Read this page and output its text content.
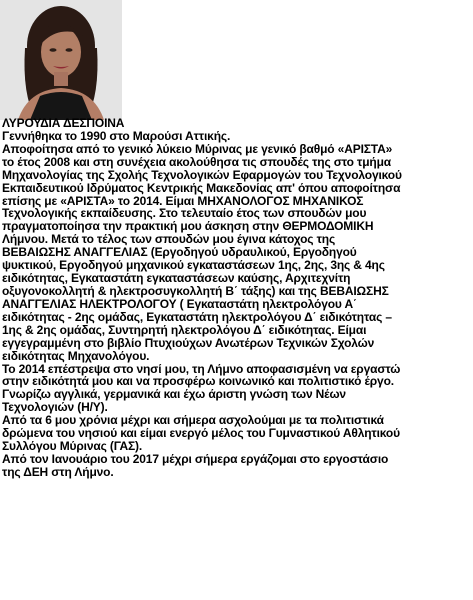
ΛΥΡΟΥΔΙΑ ΔΕΣΠΟΙΝΑ
Γεννήθηκα το 1990 στο Μαρούσι Αττικής.
Αποφοίτησα από το γενικό λύκειο Μύρινας με γενικό βαθμό «ΑΡΙΣΤΑ»
το έτος 2008 και στη συνέχεια ακολούθησα τις σπουδές της στο τμήμα
Μηχανολογίας της Σχολής Τεχνολογικών Εφαρμογών του Τεχνολογικού
Εκπαιδευτικού Ιδρύματος Κεντρικής Μακεδονίας απ' όπου αποφοίτησα
επίσης με «ΑΡΙΣΤΑ» το 2014. Είμαι ΜΗΧΑΝΟΛΟΓΟΣ ΜΗΧΑΝΙΚΟΣ
Τεχνολογικής εκπαίδευσης. Στο τελευταίο έτος των σπουδών μου
πραγματοποίησα την πρακτική μου άσκηση στην ΘΕΡΜΟΔΟΜΙΚΗ
Λήμνου. Μετά το τέλος των σπουδών μου έγινα κάτοχος της
ΒΕΒΑΙΩΣΗΣ ΑΝΑΓΓΕΛΙΑΣ (Εργοδηγού υδραυλικού, Εργοδηγού
ψυκτικού, Εργοδηγού μηχανικού εγκαταστάσεων 1ης, 2ης, 3ης & 4ης
ειδικότητας, Εγκαταστάτη εγκαταστάσεων καύσης, Αρχιτεχνίτη
οξυγονοκολλητή & ηλεκτροσυγκολλητή Β΄ τάξης) και της ΒΕΒΑΙΩΣΗΣ
ΑΝΑΓΓΕΛΙΑΣ ΗΛΕΚΤΡΟΛΟΓΟΥ ( Εγκαταστάτη ηλεκτρολόγου Α΄
ειδικότητας - 2ης ομάδας, Εγκαταστάτη ηλεκτρολόγου Δ΄ ειδικότητας –
1ης & 2ης ομάδας, Συντηρητή ηλεκτρολόγου Δ΄ ειδικότητας. Είμαι
εγγεγραμμένη στο βιβλίο Πτυχιούχων Ανωτέρων Τεχνικών Σχολών
ειδικότητας Μηχανολόγου.
Το 2014 επέστρεψα στο νησί μου, τη Λήμνο αποφασισμένη να εργαστώ
στην ειδικότητά μου και να προσφέρω κοινωνικό και πολιτιστικό έργο.
Γνωρίζω αγγλικά, γερμανικά και έχω άριστη γνώση των Νέων
Τεχνολογιών (Η/Υ).
Από τα 6 μου χρόνια μέχρι και σήμερα ασχολούμαι με τα πολιτιστικά
δρώμενα του νησιού και είμαι ενεργό μέλος του Γυμναστικού Αθλητικού
Συλλόγου Μύρινας (ΓΑΣ).
Από τον Ιανουάριο του 2017 μέχρι σήμερα εργάζομαι στο εργοστάσιο
της ΔΕΗ στη Λήμνο.
